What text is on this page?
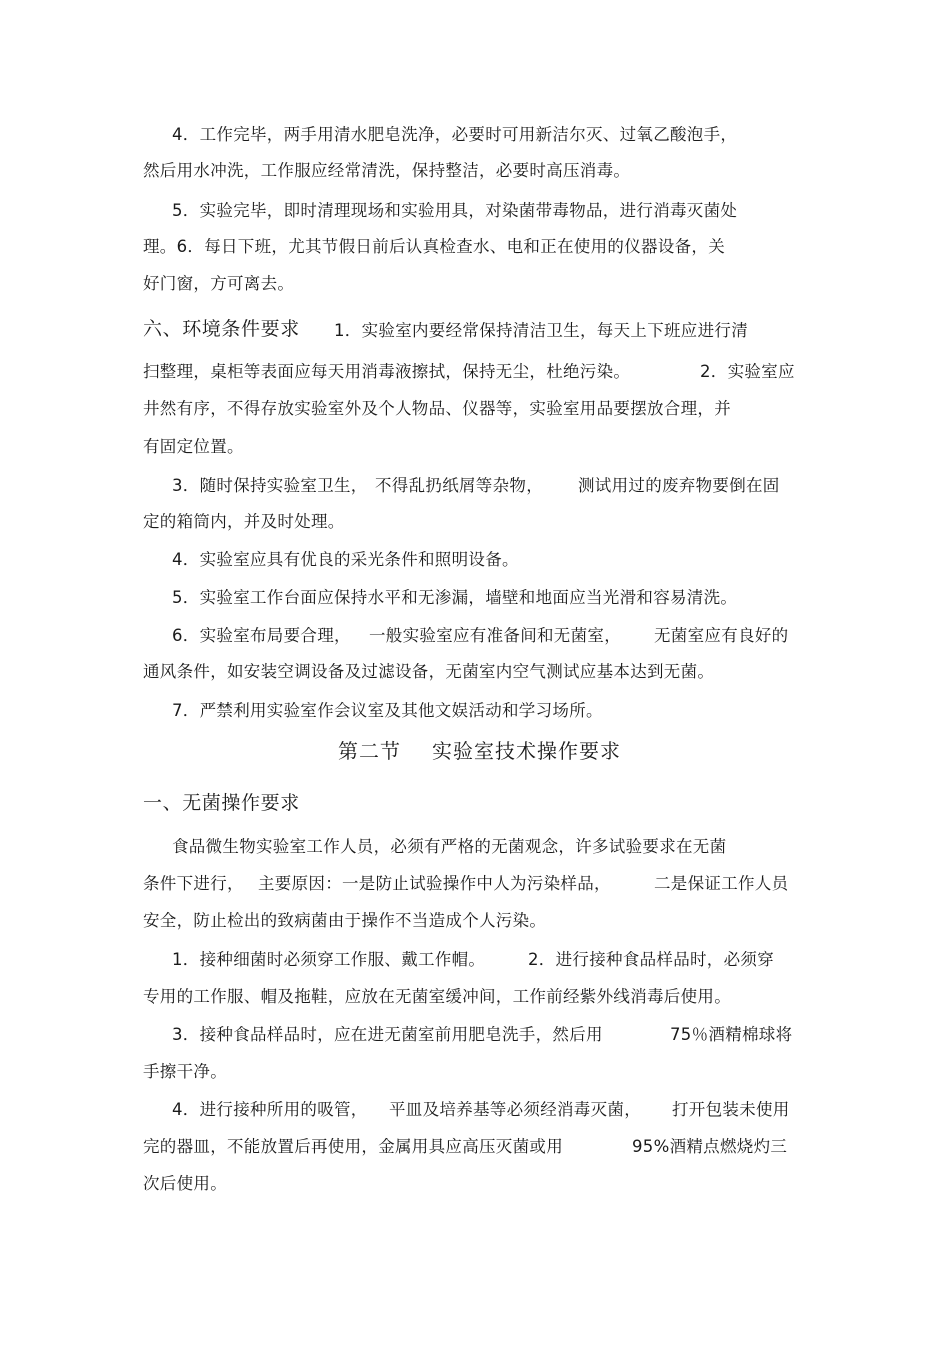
4．工作完毕，两手用清水肥皂洗净，必要时可用新洁尔灭、过氧乙酸泡手，
然后用水冲洗，工作服应经常清洗，保持整洁，必要时高压消毒。
5．实验完毕，即时清理现场和实验用具，对染菌带毒物品，进行消毒灭菌处
理。6．每日下班，尤其节假日前后认真检查水、电和正在使用的仪器设备，关
好门窗，方可离去。
六、环境条件要求 1．实验室内要经常保持清洁卫生，每天上下班应进行清
扫整理，桌柜等表面应每天用消毒液擦拭，保持无尘，杜绝污染。	2．实验室应
井然有序，不得存放实验室外及个人物品、仪器等，实验室用品要摆放合理，并
有固定位置。
3．随时保持实验室卫生， 不得乱扔纸屑等杂物， 测试用过的废弃物要倒在固
定的箱筒内，并及时处理。
4．实验室应具有优良的采光条件和照明设备。
5．实验室工作台面应保持水平和无渗漏，墙壁和地面应当光滑和容易清洗。
6．实验室布局要合理， 一般实验室应有准备间和无菌室， 无菌室应有良好的
通风条件，如安装空调设备及过滤设备，无菌室内空气测试应基本达到无菌。
7．严禁利用实验室作会议室及其他文娱活动和学习场所。
第二节 实验室技术操作要求
一、无菌操作要求
食品微生物实验室工作人员，必须有严格的无菌观念，许多试验要求在无菌
条件下进行， 主要原因：一是防止试验操作中人为污染样品，	二是保证工作人员
安全，防止检出的致病菌由于操作不当造成个人污染。
1．接种细菌时必须穿工作服、戴工作帽。	2．进行接种食品样品时，必须穿
专用的工作服、帽及拖鞋，应放在无菌室缓冲间，工作前经紫外线消毒后使用。
3．接种食品样品时，应在进无菌室前用肥皂洗手，然后用	75％酒精棉球将
手擦干净。
4．进行接种所用的吸管， 平皿及培养基等必须经消毒灭菌， 打开包装未使用
完的器皿，不能放置后再使用，金属用具应高压灭菌或用	95%酒精点燃烧灼三
次后使用。
